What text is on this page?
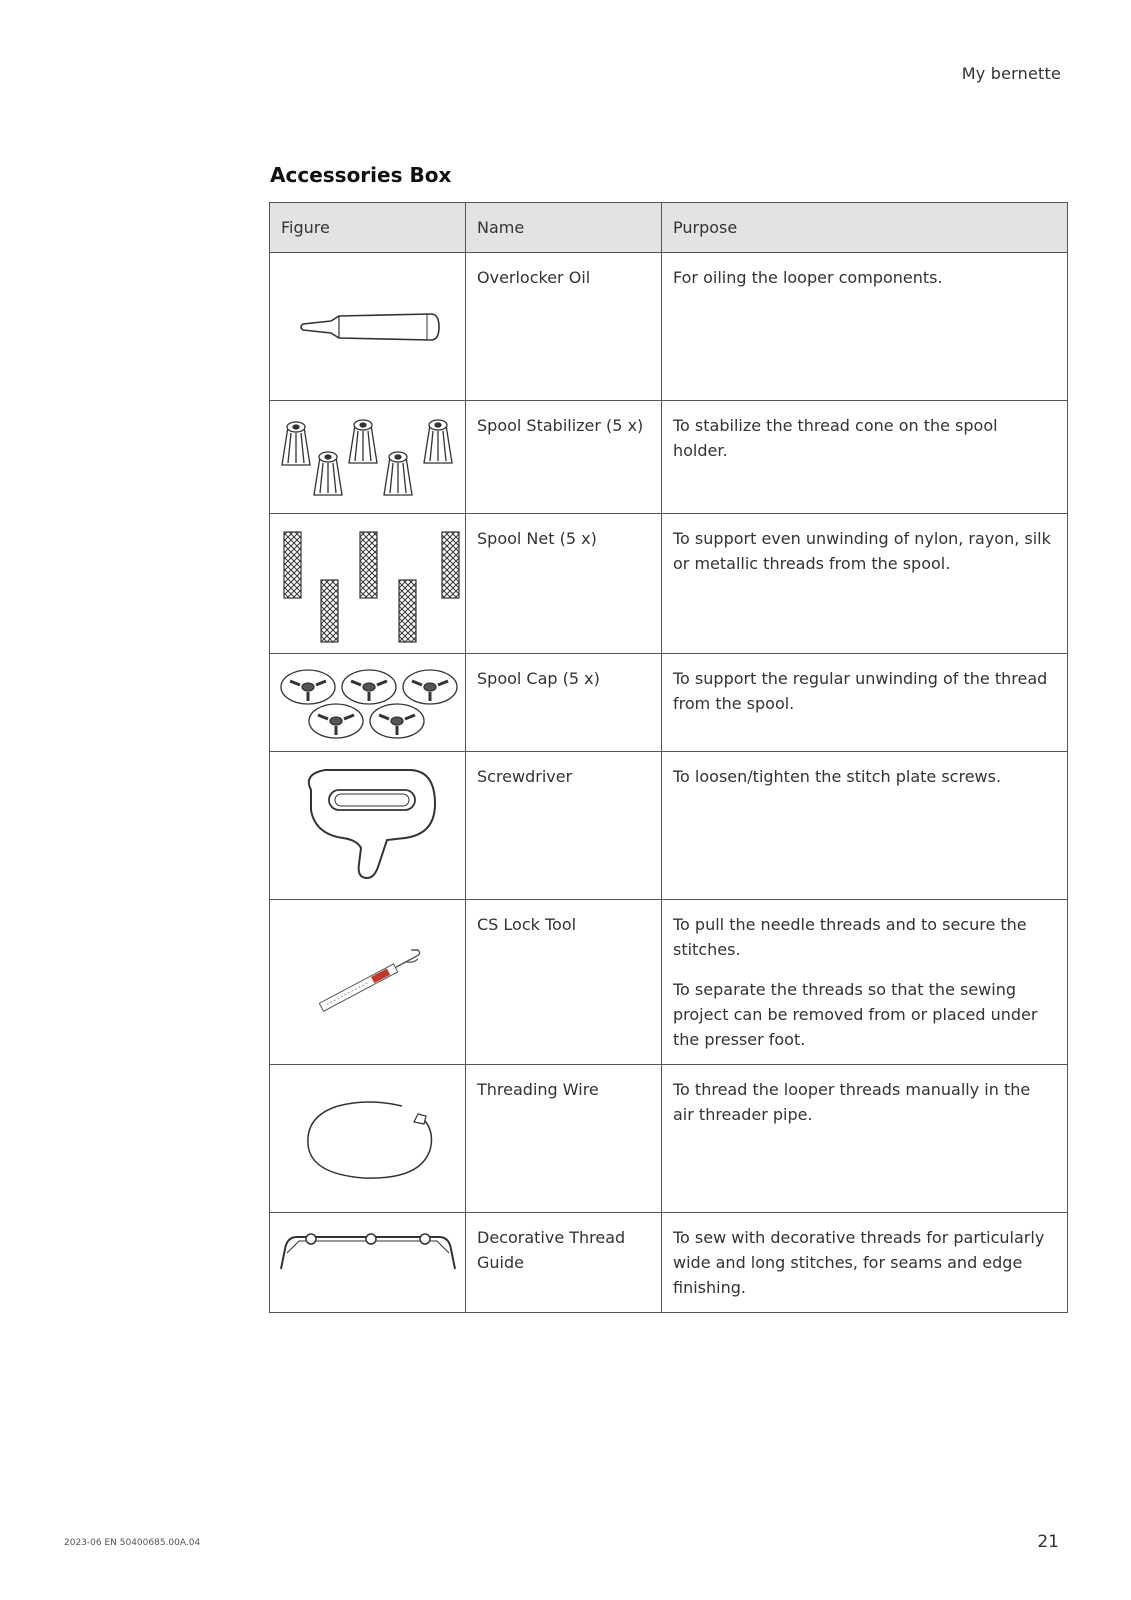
My bernette
Accessories Box
Figure	Name	Purpose

	Overlocker Oil	For oiling the looper components.

	Spool Stabilizer (5 x)	To stabilize the thread cone on the spool holder.

	Spool Net (5 x)	To support even unwinding of nylon, rayon, silk or metallic threads from the spool.

	Spool Cap (5 x)	To support the regular unwinding of the thread from the spool.

	Screwdriver	To loosen/tighten the stitch plate screws.

	CS Lock Tool	To pull the needle threads and to secure the stitches.

To separate the threads so that the sewing project can be removed from or placed under the presser foot.

	Threading Wire	To thread the looper threads manually in the air threader pipe.

	Decorative Thread Guide	To sew with decorative threads for particularly wide and long stitches, for seams and edge finishing.

2023-06 EN 50400685.00A.04	21
